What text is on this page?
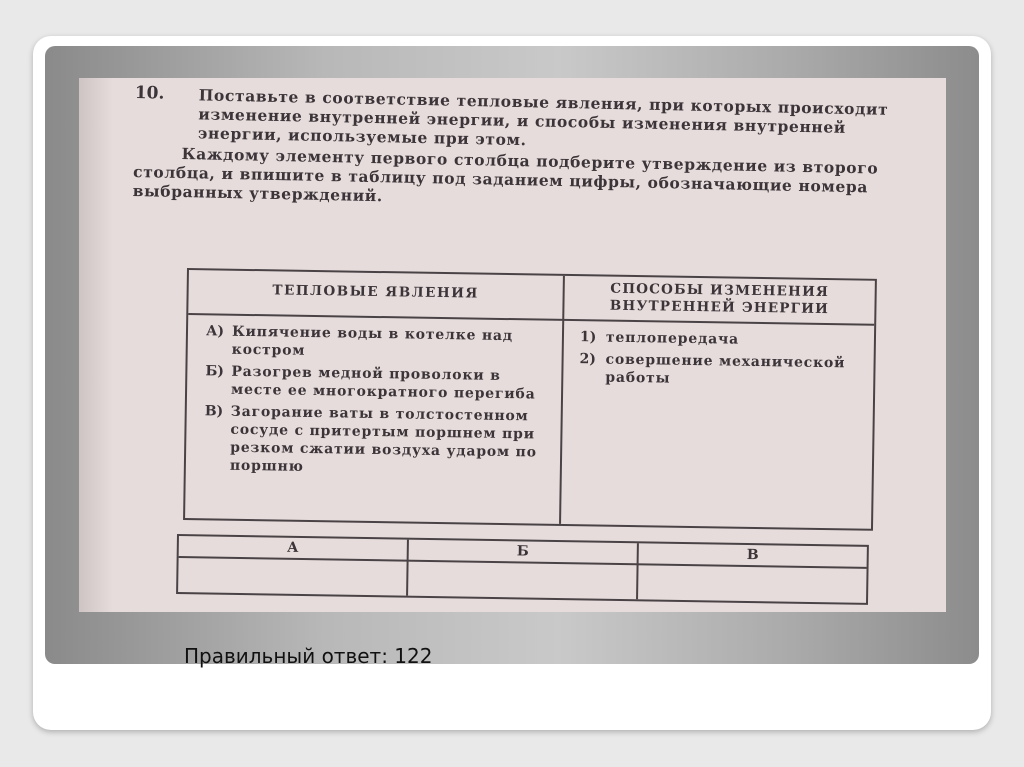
10. Поставьте в соответствие тепловые явления, при которых происходит изменение внутренней энергии, и способы изменения внутренней энергии, используемые при этом.
Каждому элементу первого столбца подберите утверждение из второго столбца, и впишите в таблицу под заданием цифры, обозначающие номера выбранных утверждений.
ТЕПЛОВЫЕ ЯВЛЕНИЯ	СПОСОБЫ ИЗМЕНЕНИЯ ВНУТРЕННЕЙ ЭНЕРГИИ
А) Кипячение воды в котелке над костром
Б) Разогрев медной проволоки в месте ее многократного перегиба
В) Загорание ваты в толстостенном сосуде с притертым поршнем при резком сжатии воздуха ударом по поршню
1) теплопередача
2) совершение механической работы
А	Б	В
Правильный ответ: 122
